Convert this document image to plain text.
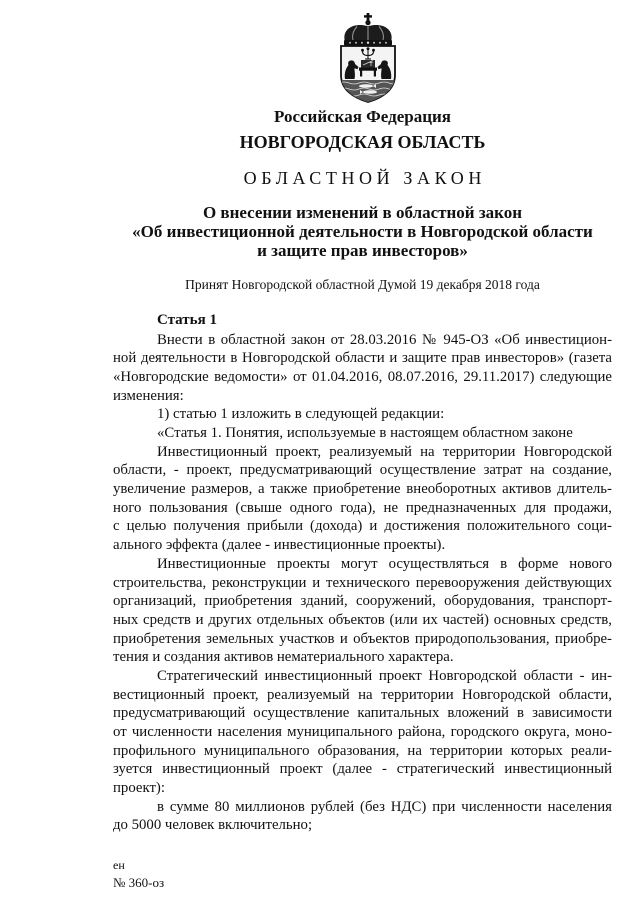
Российская Федерация
НОВГОРОДСКАЯ ОБЛАСТЬ
ОБЛАСТНОЙ ЗАКОН
О внесении изменений в областной закон
«Об инвестиционной деятельности в Новгородской области
и защите прав инвесторов»
Принят Новгородской областной Думой 19 декабря 2018 года
Статья 1
Внести в областной закон от 28.03.2016 № 945-ОЗ «Об инвестицион-
ной деятельности в Новгородской области и защите прав инвесторов» (газета
«Новгородские ведомости» от 01.04.2016, 08.07.2016, 29.11.2017) следующие
изменения:
1) статью 1 изложить в следующей редакции:
«Статья 1. Понятия, используемые в настоящем областном законе
Инвестиционный проект, реализуемый на территории Новгородской
области, - проект, предусматривающий осуществление затрат на создание,
увеличение размеров, а также приобретение внеоборотных активов длитель-
ного пользования (свыше одного года), не предназначенных для продажи,
с целью получения прибыли (дохода) и достижения положительного соци-
ального эффекта (далее - инвестиционные проекты).
Инвестиционные проекты могут осуществляться в форме нового
строительства, реконструкции и технического перевооружения действующих
организаций, приобретения зданий, сооружений, оборудования, транспорт-
ных средств и других отдельных объектов (или их частей) основных средств,
приобретения земельных участков и объектов природопользования, приобре-
тения и создания активов нематериального характера.
Стратегический инвестиционный проект Новгородской области - ин-
вестиционный проект, реализуемый на территории Новгородской области,
предусматривающий осуществление капитальных вложений в зависимости
от численности населения муниципального района, городского округа, моно-
профильного муниципального образования, на территории которых реали-
зуется инвестиционный проект (далее - стратегический инвестиционный
проект):
в сумме 80 миллионов рублей (без НДС) при численности населения
до 5000 человек включительно;
ен
№ 360-оз
